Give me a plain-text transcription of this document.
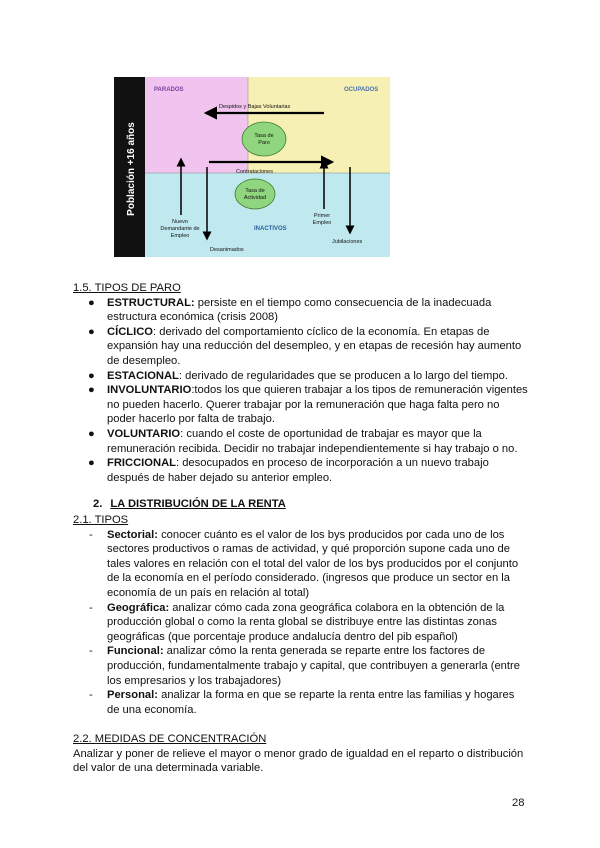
Población +16 años
PARADOS	OCUPADOS
INACTIVOS
Despidos y Bajas Voluntarias
Tasa de
Paro
Contrataciones
Tasa de
Actividad
Nuevo
Demandante de
Empleo
Desanimados
Primer
Empleo
Jubilaciones
1.5. TIPOS DE PARO
● ESTRUCTURAL: persiste en el tiempo como consecuencia de la inadecuada
estructura económica (crisis 2008)
● CÍCLICO: derivado del comportamiento cíclico de la economía. En etapas de
expansión hay una reducción del desempleo, y en etapas de recesión hay aumento
de desempleo.
● ESTACIONAL: derivado de regularidades que se producen a lo largo del tiempo.
● INVOLUNTARIO:todos los que quieren trabajar a los tipos de remuneración vigentes
no pueden hacerlo. Querer trabajar por la remuneración que haga falta pero no
poder hacerlo por falta de trabajo.
● VOLUNTARIO: cuando el coste de oportunidad de trabajar es mayor que la
remuneración recibida. Decidir no trabajar independientemente si hay trabajo o no.
● FRICCIONAL: desocupados en proceso de incorporación a un nuevo trabajo
después de haber dejado su anterior empleo.
2. LA DISTRIBUCIÓN DE LA RENTA
2.1. TIPOS
- Sectorial: conocer cuánto es el valor de los bys producidos por cada uno de los
sectores productivos o ramas de actividad, y qué proporción supone cada uno de
tales valores en relación con el total del valor de los bys producidos por el conjunto
de la economía en el período considerado. (ingresos que produce un sector en la
economía de un país en relación al total)
- Geográfica: analizar cómo cada zona geográfica colabora en la obtención de la
producción global o como la renta global se distribuye entre las distintas zonas
geográficas (que porcentaje produce andalucía dentro del pib español)
- Funcional: analizar cómo la renta generada se reparte entre los factores de
producción, fundamentalmente trabajo y capital, que contribuyen a generarla (entre
los empresarios y los trabajadores)
- Personal: analizar la forma en que se reparte la renta entre las familias y hogares
de una economía.
2.2. MEDIDAS DE CONCENTRACIÓN
Analizar y poner de relieve el mayor o menor grado de igualdad en el reparto o distribución
del valor de una determinada variable.
28
